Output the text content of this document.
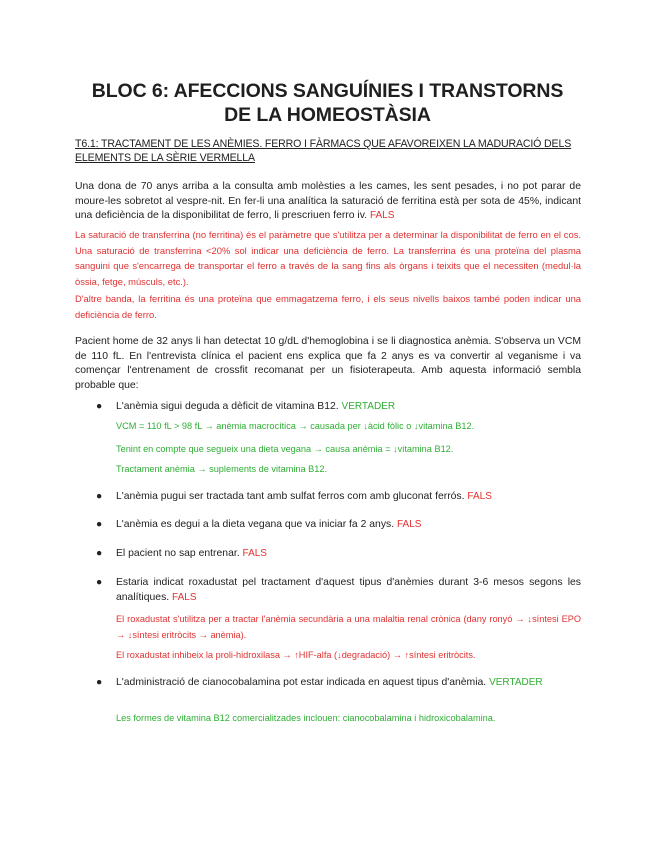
BLOC 6: AFECCIONS SANGUÍNIES I TRANSTORNS
DE LA HOMEOSTÀSIA
T6.1: TRACTAMENT DE LES ANÈMIES. FERRO I FÀRMACS QUE AFAVOREIXEN LA MADURACIÓ DELS ELEMENTS DE LA SÈRIE VERMELLA
Una dona de 70 anys arriba a la consulta amb molèsties a les cames, les sent pesades, i no pot parar de moure-les sobretot al vespre-nit. En fer-li una analítica la saturació de ferritina està per sota de 45%, indicant una deficiència de la disponibilitat de ferro, li prescriuen ferro iv. FALS
La saturació de transferrina (no ferritina) és el paràmetre que s'utilitza per a determinar la disponibilitat de ferro en el cos. Una saturació de transferrina <20% sol indicar una deficiència de ferro. La transferrina és una proteïna del plasma sanguini que s'encarrega de transportar el ferro a través de la sang fins als òrgans i teixits que el necessiten (medul·la òssia, fetge, músculs, etc.).
D'altre banda, la ferritina és una proteïna que emmagatzema ferro, i els seus nivells baixos també poden indicar una deficiència de ferro.
Pacient home de 32 anys li han detectat 10 g/dL d'hemoglobina i se li diagnostica anèmia. S'observa un VCM de 110 fL. En l'entrevista clínica el pacient ens explica que fa 2 anys es va convertir al veganisme i va començar l'entrenament de crossfit recomanat per un fisioterapeuta. Amb aquesta informació sembla probable que:
● L'anèmia sigui deguda a dèficit de vitamina B12. VERTADER
VCM = 110 fL > 98 fL → anèmia macrocítica → causada per ↓àcid fòlic o ↓vitamina B12.
Tenint en compte que segueix una dieta vegana → causa anèmia = ↓vitamina B12.
Tractament anèmia → suplements de vitamina B12.
● L'anèmia pugui ser tractada tant amb sulfat ferros com amb gluconat ferrós. FALS
● L'anèmia es degui a la dieta vegana que va iniciar fa 2 anys. FALS
● El pacient no sap entrenar. FALS
● Estaria indicat roxadustat pel tractament d'aquest tipus d'anèmies durant 3-6 mesos segons les analítiques. FALS
El roxadustat s'utilitza per a tractar l'anèmia secundària a una malaltia renal crònica (dany ronyó → ↓síntesi EPO → ↓síntesi eritròcits → anèmia).
El roxadustat inhibeix la proli-hidroxilasa → ↑HIF-alfa (↓degradació) → ↑síntesi eritròcits.
● L'administració de cianocobalamina pot estar indicada en aquest tipus d'anèmia. VERTADER
Les formes de vitamina B12 comercialitzades inclouen: cianocobalamina i hidroxicobalamina.
